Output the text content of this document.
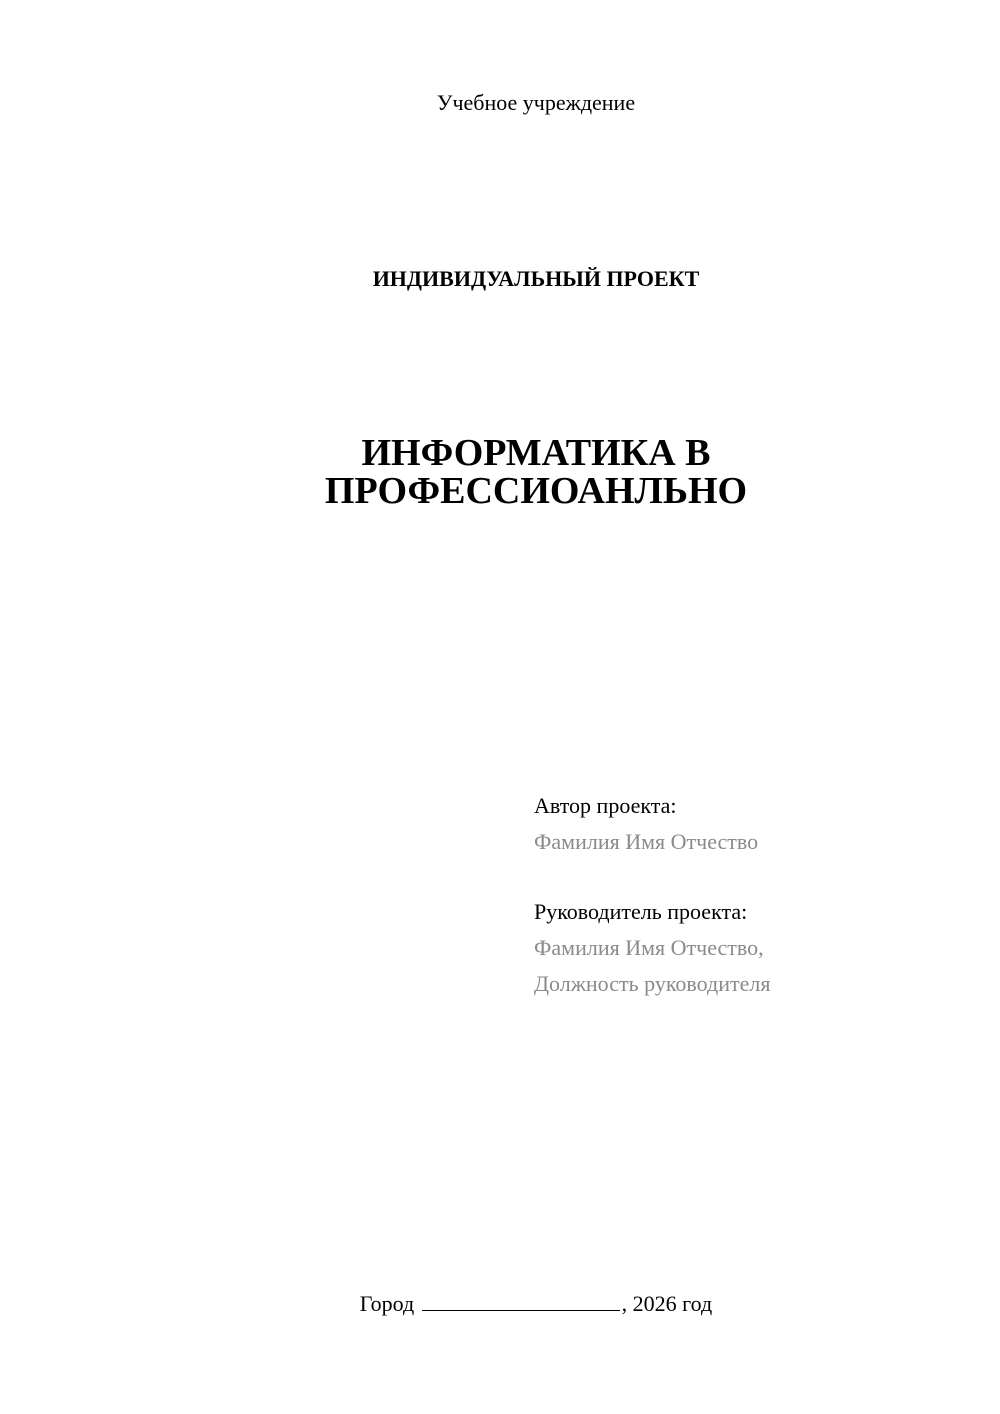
Учебное учреждение
ИНДИВИДУАЛЬНЫЙ ПРОЕКТ
ИНФОРМАТИКА В
ПРОФЕССИОАНЛЬНО
Автор проекта:
Фамилия Имя Отчество
Руководитель проекта:
Фамилия Имя Отчество,
Должность руководителя
Город	, 2026 год
